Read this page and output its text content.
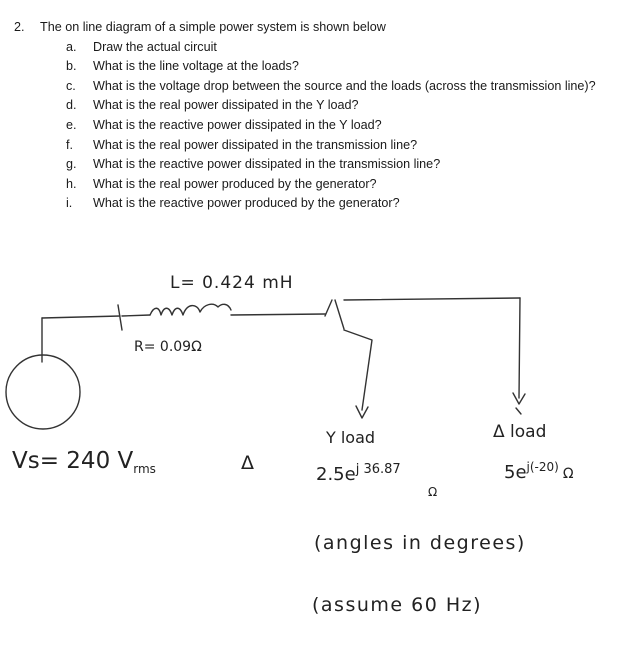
2.	The on line diagram of a simple power system is shown below
a.	Draw the actual circuit
b.	What is the line voltage at the loads?
c.	What is the voltage drop between the source and the loads (across the transmission line)?
d.	What is the real power dissipated in the Y load?
e.	What is the reactive power dissipated in the Y load?
f.	What is the real power dissipated in the transmission line?
g.	What is the reactive power dissipated in the transmission line?
h.	What is the real power produced by the generator?
i.	What is the reactive power produced by the generator?
L= 0.424 mH
R= 0.09Ω
Vs= 240 $V_{rms}$	Δ
Y load
$2.5e^{j 36.87}$
Ω
Δ load
$5e^{j(-20)}$ Ω
(angles in degrees)
(assume 60 Hz)
